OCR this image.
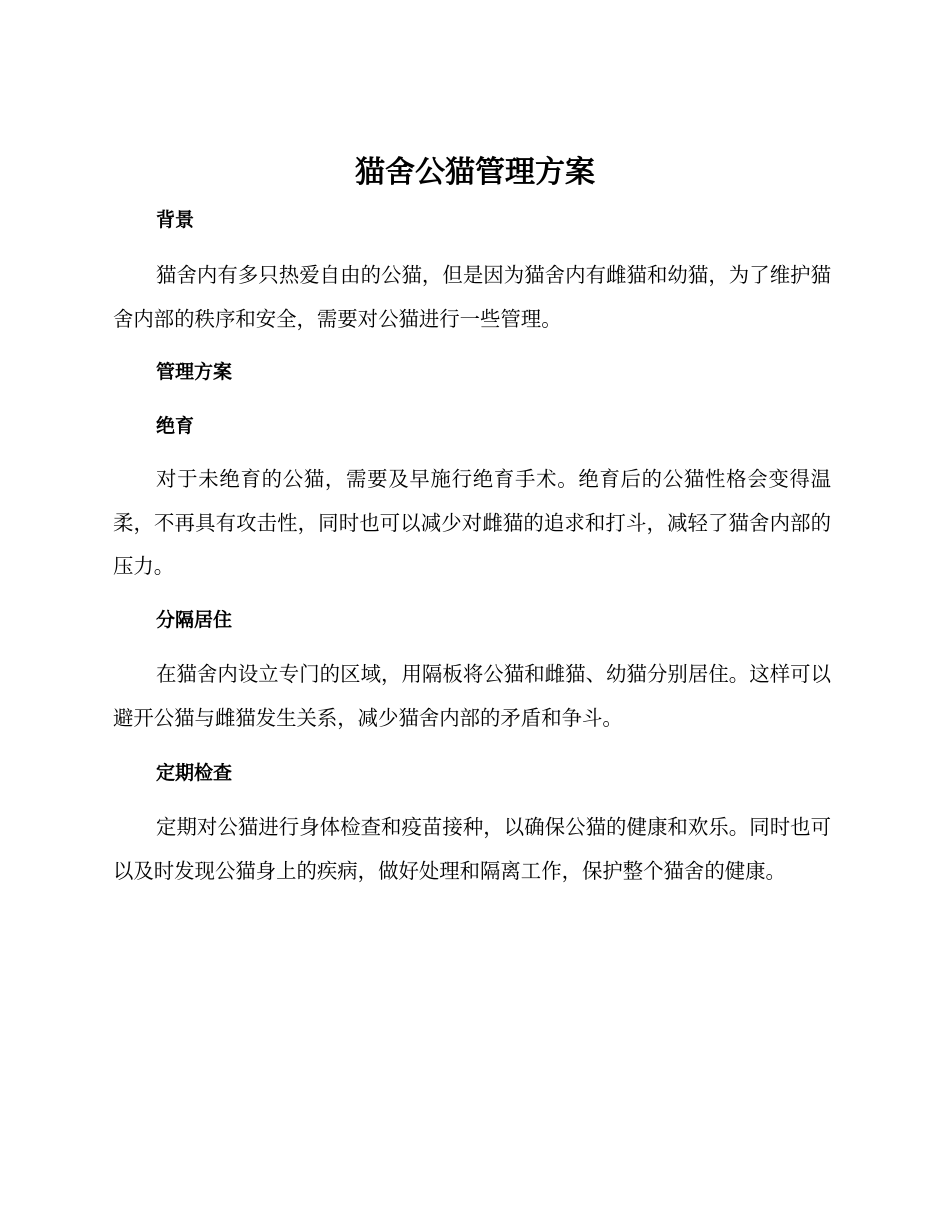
猫舍公猫管理方案
背景

猫舍内有多只热爱自由的公猫，但是因为猫舍内有雌猫和幼猫，为了维护猫舍内部的秩序和安全，需要对公猫进行一些管理。

管理方案
绝育

对于未绝育的公猫，需要及早施行绝育手术。绝育后的公猫性格会变得温柔，不再具有攻击性，同时也可以减少对雌猫的追求和打斗，减轻了猫舍内部的压力。

分隔居住

在猫舍内设立专门的区域，用隔板将公猫和雌猫、幼猫分别居住。这样可以避开公猫与雌猫发生关系，减少猫舍内部的矛盾和争斗。

定期检查

定期对公猫进行身体检查和疫苗接种，以确保公猫的健康和欢乐。同时也可以及时发现公猫身上的疾病，做好处理和隔离工作，保护整个猫舍的健康。
